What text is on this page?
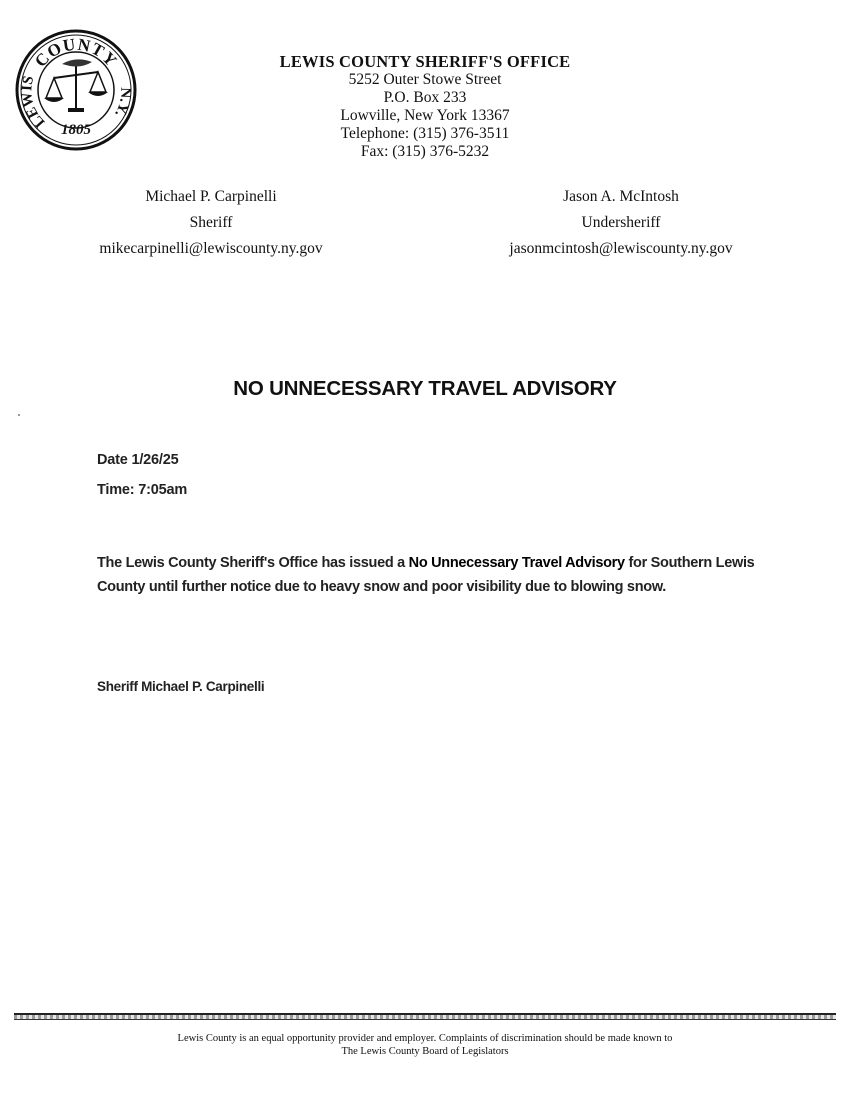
COUNTY
LEWIS
N.Y.
1805
LEWIS COUNTY SHERIFF'S OFFICE
5252 Outer Stowe Street
P.O. Box 233
Lowville, New York 13367
Telephone: (315) 376-3511
Fax: (315) 376-5232
Michael P. Carpinelli
Sheriff
mikecarpinelli@lewiscounty.ny.gov
Jason A. McIntosh
Undersheriff
jasonmcintosh@lewiscounty.ny.gov
NO UNNECESSARY TRAVEL ADVISORY
Date 1/26/25
Time: 7:05am
The Lewis County Sheriff's Office has issued a No Unnecessary Travel Advisory for Southern Lewis County until further notice due to heavy snow and poor visibility due to blowing snow.
Sheriff Michael P. Carpinelli
Lewis County is an equal opportunity provider and employer. Complaints of discrimination should be made known to
The Lewis County Board of Legislators
